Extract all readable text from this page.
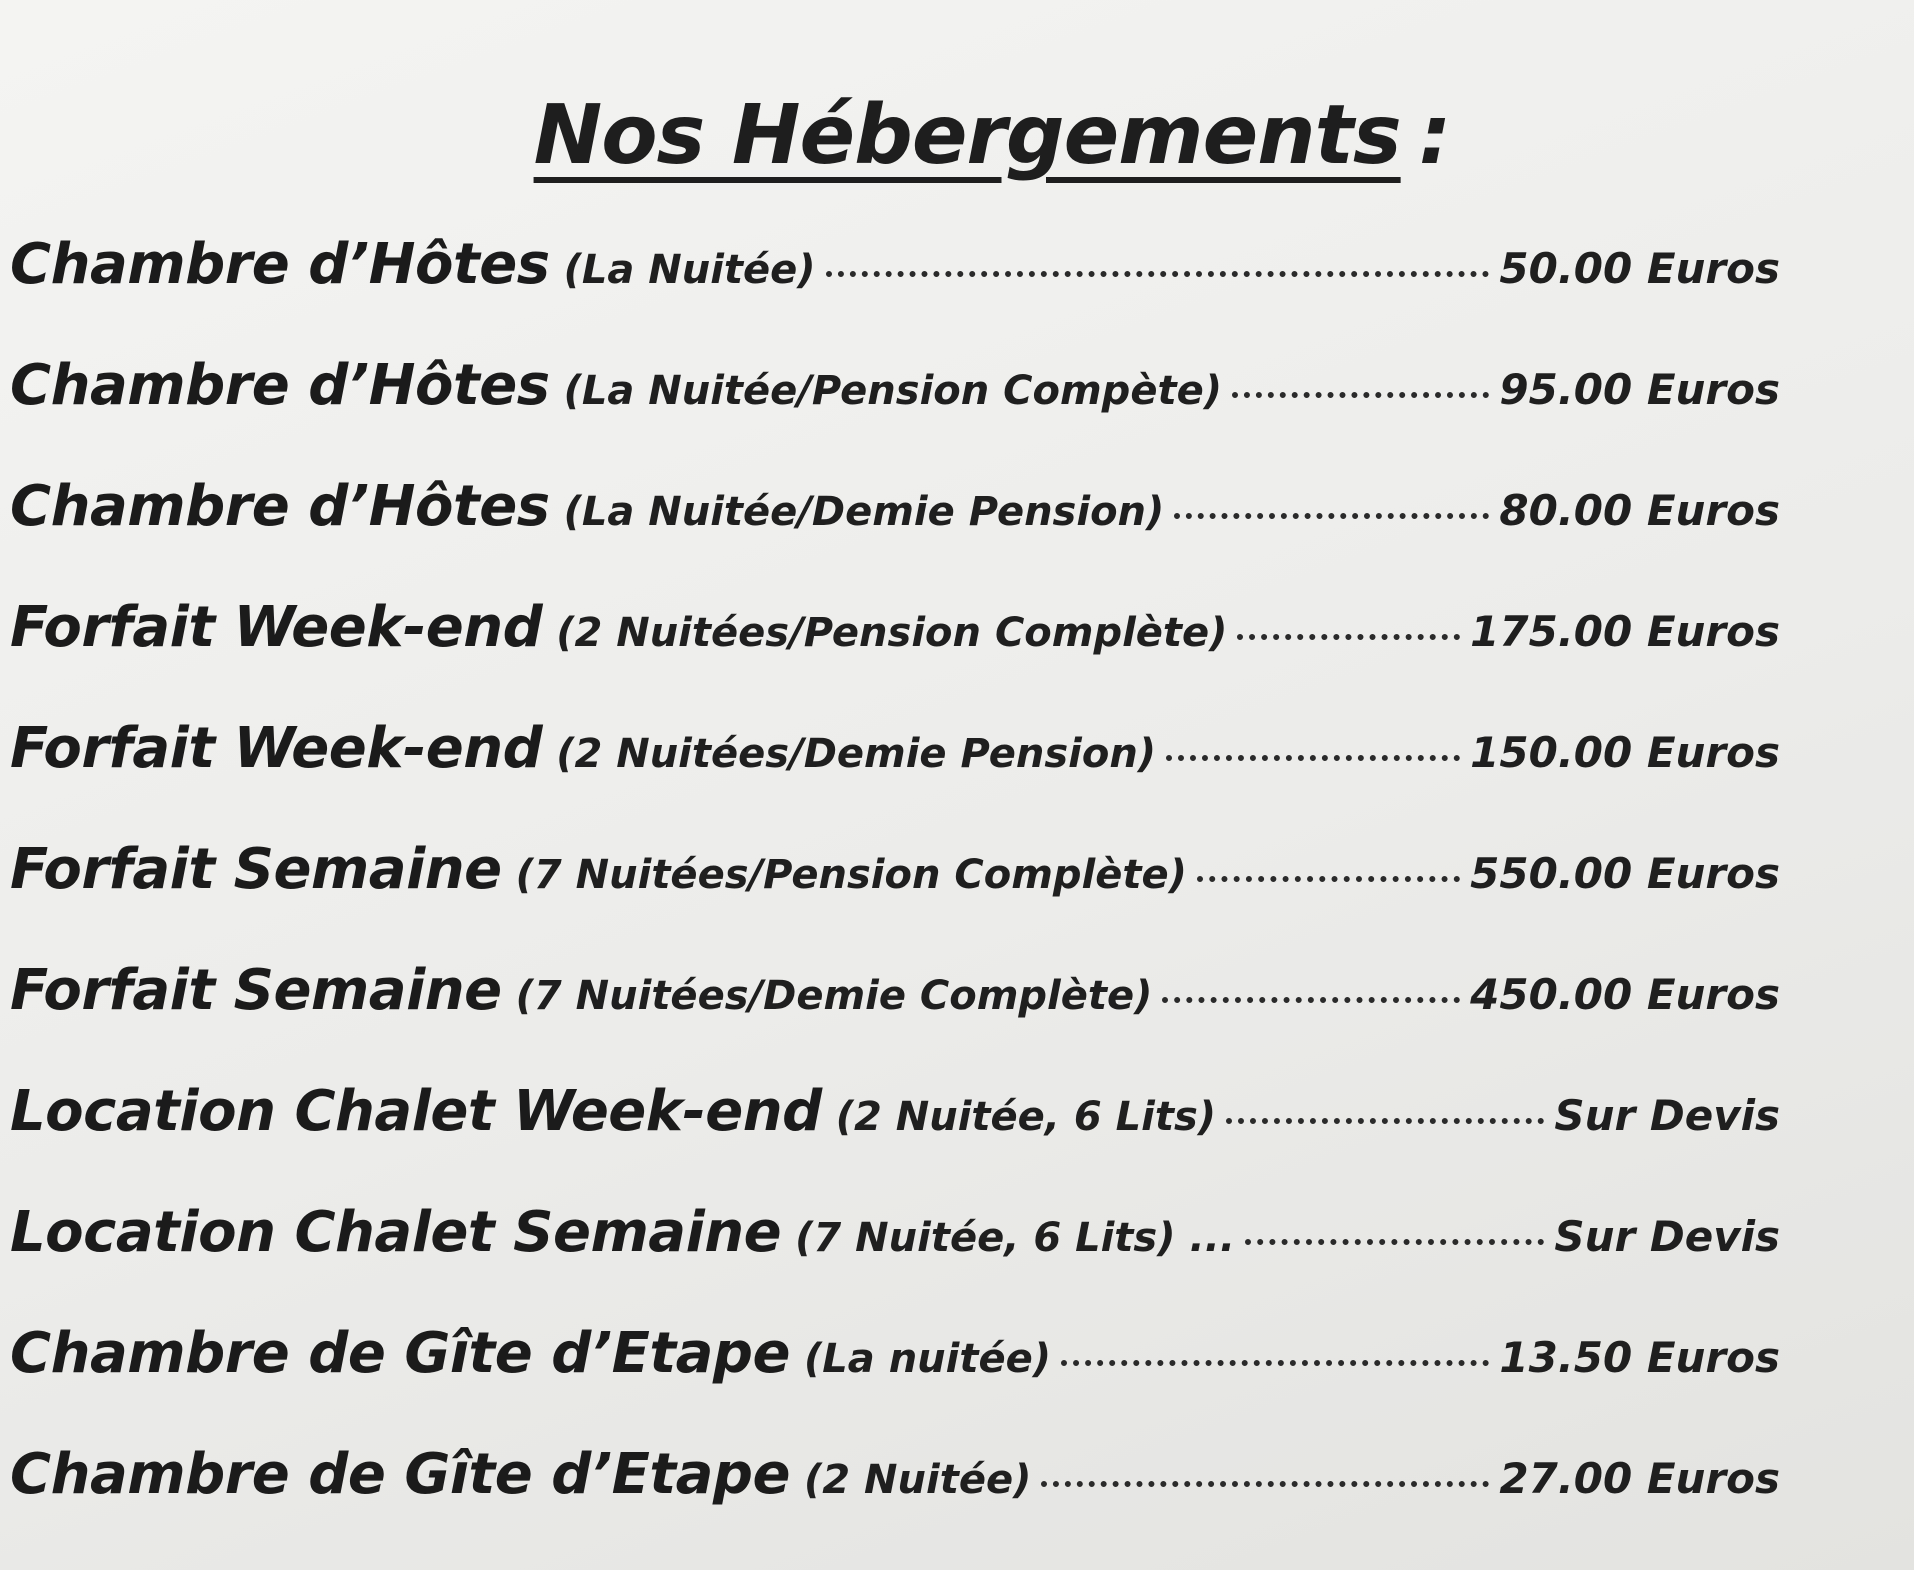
Nos Hébergements :
Chambre d’Hôtes (La Nuitée)	50.00 Euros
Chambre d’Hôtes (La Nuitée/Pension Compète)	95.00 Euros
Chambre d’Hôtes (La Nuitée/Demie Pension)	80.00 Euros
Forfait Week-end (2 Nuitées/Pension Complète)	175.00 Euros
Forfait Week-end (2 Nuitées/Demie Pension)	150.00 Euros
Forfait Semaine (7 Nuitées/Pension Complète)	550.00 Euros
Forfait Semaine (7 Nuitées/Demie Complète)	450.00 Euros
Location Chalet Week-end (2 Nuitée, 6 Lits)	Sur Devis
Location Chalet Semaine (7 Nuitée, 6 Lits) ...	Sur Devis
Chambre de Gîte d’Etape (La nuitée)	13.50 Euros
Chambre de Gîte d’Etape (2 Nuitée)	27.00 Euros
